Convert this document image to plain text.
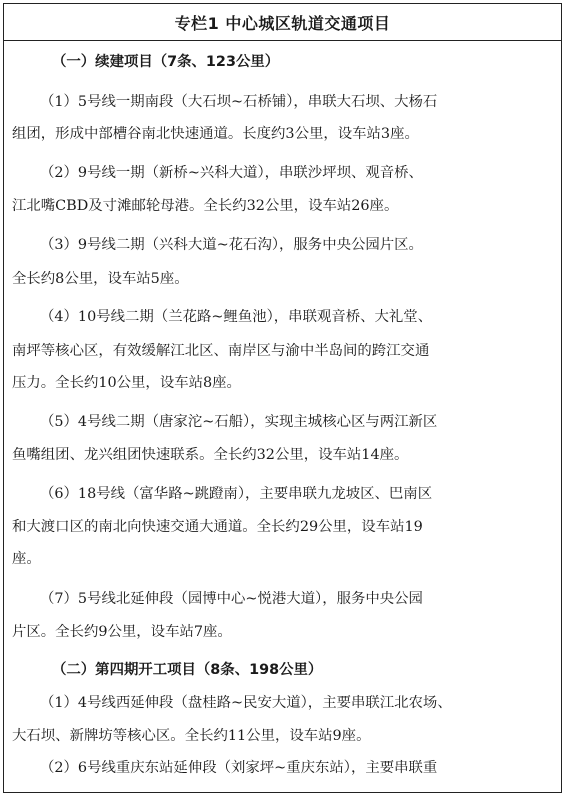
专栏1 中心城区轨道交通项目
（一）续建项目（7条、123公里）
（1）5号线一期南段（大石坝~石桥铺），串联大石坝、大杨石
组团，形成中部槽谷南北快速通道。长度约3公里，设车站3座。
（2）9号线一期（新桥~兴科大道），串联沙坪坝、观音桥、
江北嘴CBD及寸滩邮轮母港。全长约32公里，设车站26座。
（3）9号线二期（兴科大道~花石沟），服务中央公园片区。
全长约8公里，设车站5座。
（4）10号线二期（兰花路~鲤鱼池），串联观音桥、大礼堂、
南坪等核心区，有效缓解江北区、南岸区与渝中半岛间的跨江交通
压力。全长约10公里，设车站8座。
（5）4号线二期（唐家沱~石船），实现主城核心区与两江新区
鱼嘴组团、龙兴组团快速联系。全长约32公里，设车站14座。
（6）18号线（富华路~跳蹬南），主要串联九龙坡区、巴南区
和大渡口区的南北向快速交通大通道。全长约29公里，设车站19
座。
（7）5号线北延伸段（园博中心~悦港大道），服务中央公园
片区。全长约9公里，设车站7座。
（二）第四期开工项目（8条、198公里）
（1）4号线西延伸段（盘桂路~民安大道），主要串联江北农场、
大石坝、新牌坊等核心区。全长约11公里，设车站9座。
（2）6号线重庆东站延伸段（刘家坪~重庆东站），主要串联重
